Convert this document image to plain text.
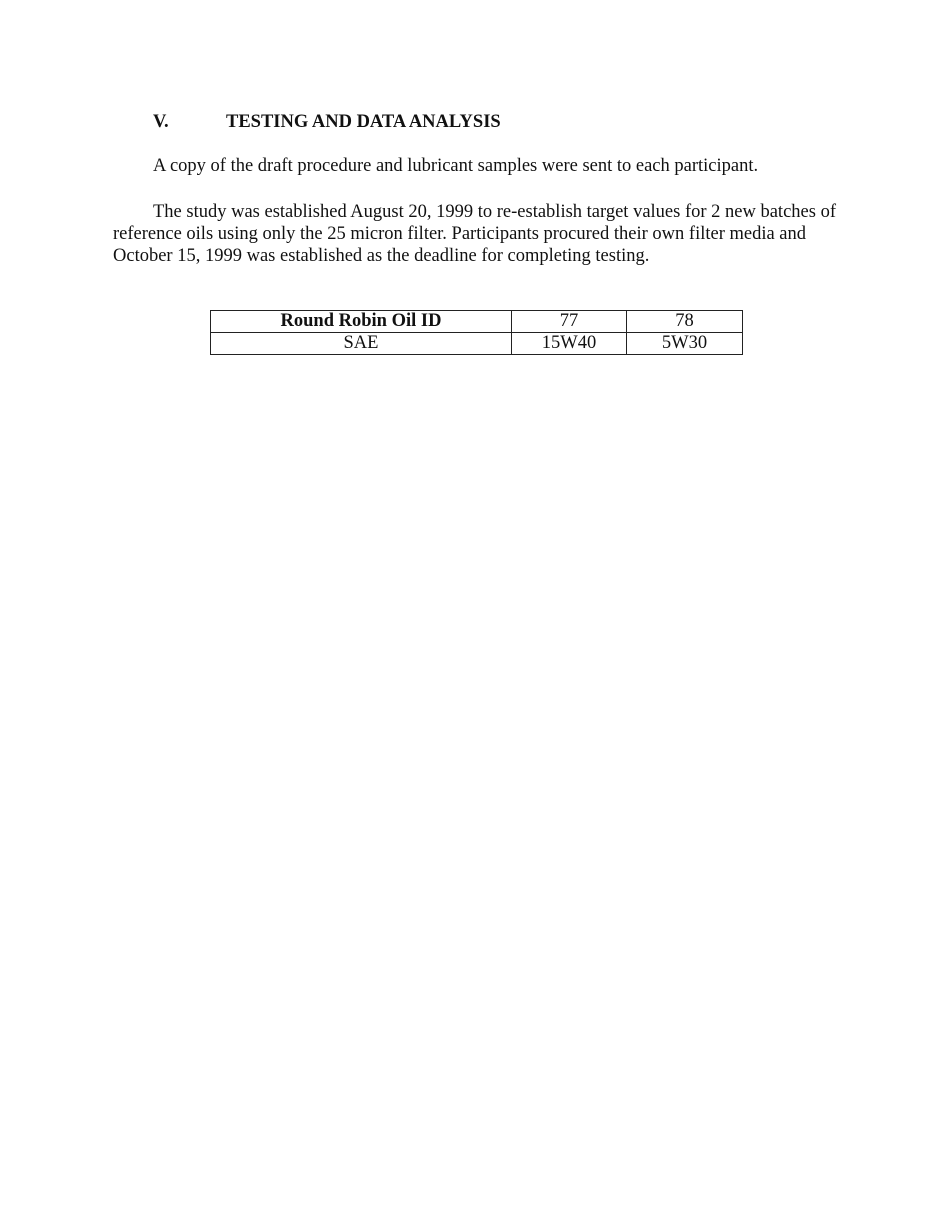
V.	TESTING AND DATA ANALYSIS
A copy of the draft procedure and lubricant samples were sent to each participant.
The study was established August 20, 1999 to re-establish target values for 2 new batches of reference oils using only the 25 micron filter. Participants procured their own filter media and October 15, 1999 was established as the deadline for completing testing.
Round Robin Oil ID	77	78
SAE	15W40	5W30
